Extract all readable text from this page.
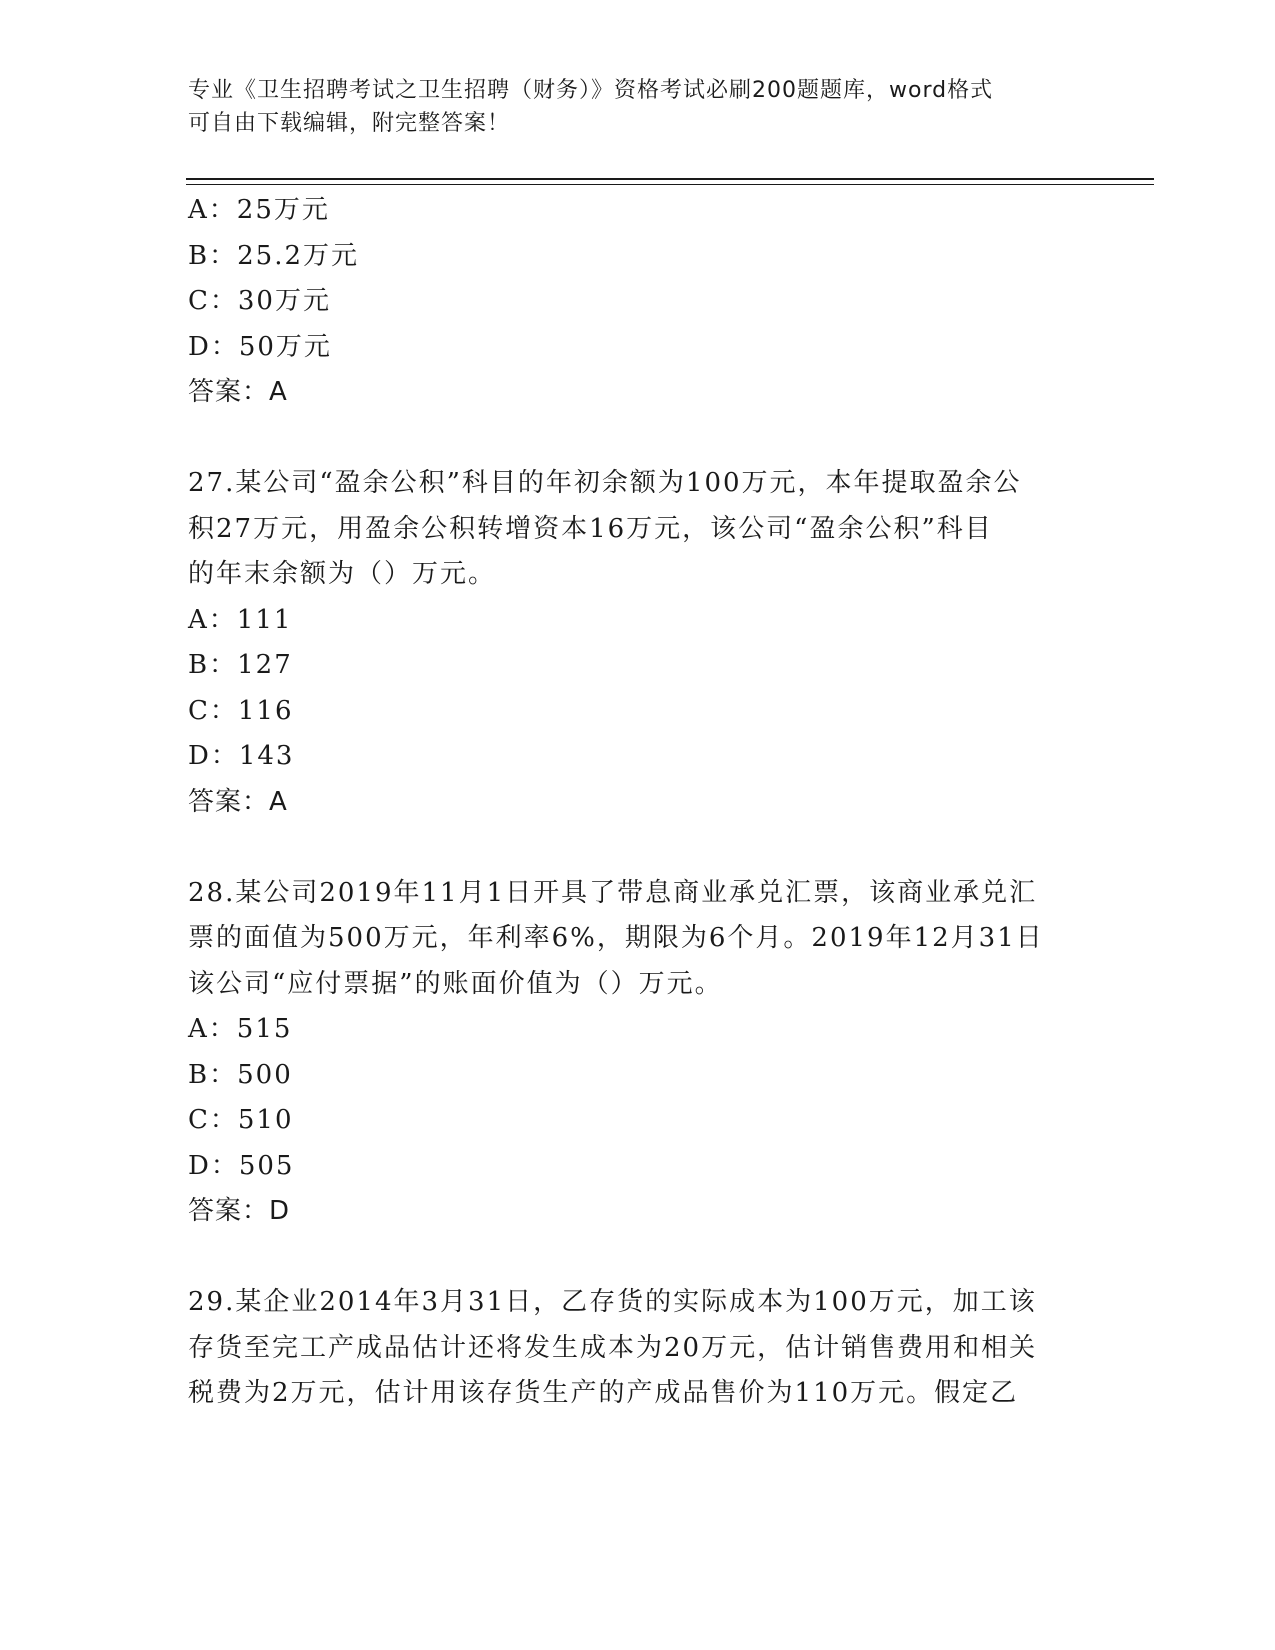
专业《卫生招聘考试之卫生招聘（财务）》资格考试必刷200题题库，word格式
可自由下载编辑，附完整答案！
A：25万元
B：25.2万元
C：30万元
D：50万元
答案：A
27.某公司“盈余公积”科目的年初余额为100万元，本年提取盈余公
积27万元，用盈余公积转增资本16万元，该公司“盈余公积”科目
的年末余额为（）万元。
A：111
B：127
C：116
D：143
答案：A
28.某公司2019年11月1日开具了带息商业承兑汇票，该商业承兑汇
票的面值为500万元，年利率6%，期限为6个月。2019年12月31日
该公司“应付票据”的账面价值为（）万元。
A：515
B：500
C：510
D：505
答案：D
29.某企业2014年3月31日，乙存货的实际成本为100万元，加工该
存货至完工产成品估计还将发生成本为20万元，估计销售费用和相关
税费为2万元，估计用该存货生产的产成品售价为110万元。假定乙
